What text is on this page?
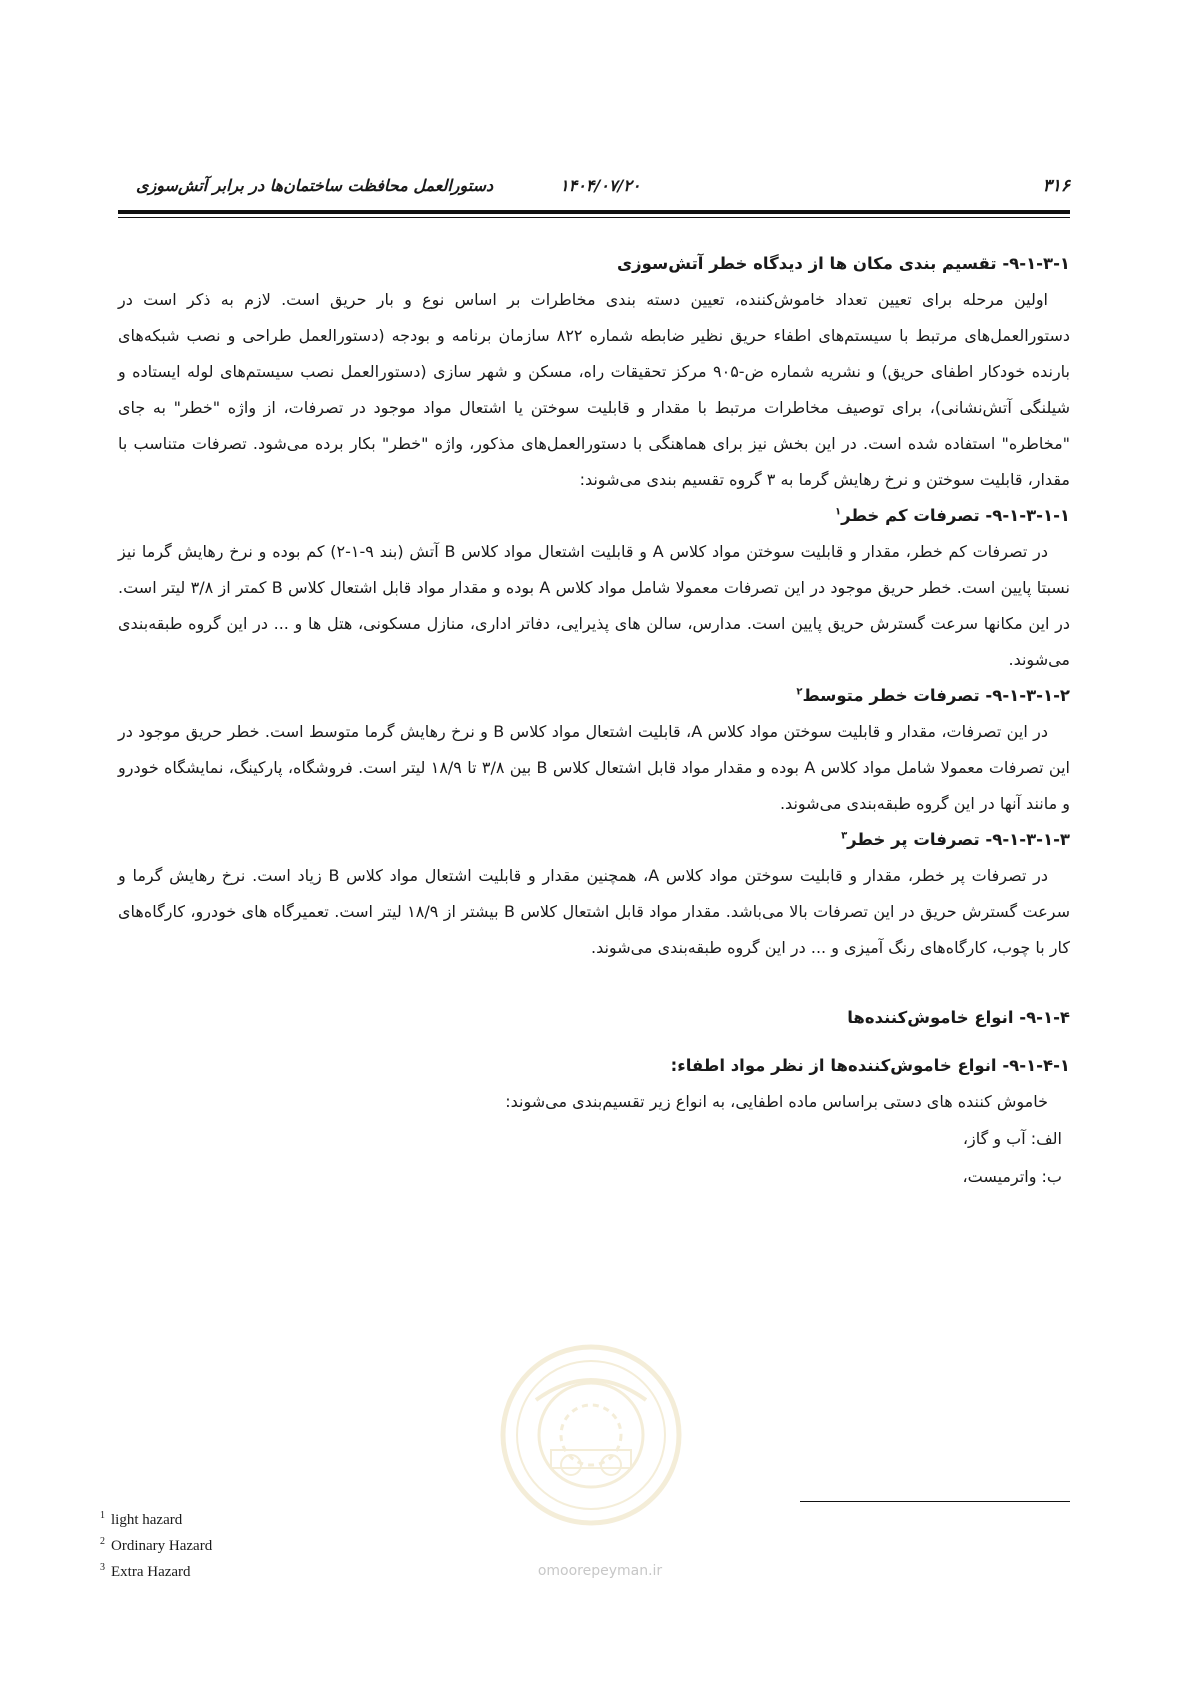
۳۱۶
۱۴۰۴/۰۷/۲۰
دستورالعمل محافظت ساختمان‌ها در برابر آتش‌سوزی

۹-۱-۳-۱- تقسیم بندی مکان ها از دیدگاه خطر آتش‌سوزی

اولین مرحله برای تعیین تعداد خاموش‌کننده، تعیین دسته بندی مخاطرات بر اساس نوع و بار حریق است. لازم به ذکر است در دستورالعمل‌های مرتبط با سیستم‌های اطفاء حریق نظیر ضابطه شماره ۸۲۲ سازمان برنامه و بودجه (دستورالعمل طراحی و نصب شبکه‌های بارنده خودکار اطفای حریق) و نشریه شماره ض-۹۰۵ مرکز تحقیقات راه، مسکن و شهر سازی (دستورالعمل نصب سیستم‌های لوله ایستاده و شیلنگی آتش‌نشانی)، برای توصیف مخاطرات مرتبط با مقدار و قابلیت سوختن یا اشتعال مواد موجود در تصرفات، از واژه "خطر" به جای "مخاطره" استفاده شده است. در این بخش نیز برای هماهنگی با دستورالعمل‌های مذکور، واژه "خطر" بکار برده می‌شود. تصرفات متناسب با مقدار، قابلیت سوختن و نرخ رهایش گرما به ۳ گروه تقسیم بندی می‌شوند:

۹-۱-۳-۱-۱- تصرفات کم خطر$^۱$

در تصرفات کم خطر، مقدار و قابلیت سوختن مواد کلاس A و قابلیت اشتعال مواد کلاس B آتش (بند ۹-۱-۲) کم بوده و نرخ رهایش گرما نیز نسبتا پایین است. خطر حریق موجود در این تصرفات معمولا شامل مواد کلاس A بوده و مقدار مواد قابل اشتعال کلاس B کمتر از ۳/۸ لیتر است. در این مکانها سرعت گسترش حریق پایین است. مدارس، سالن های پذیرایی، دفاتر اداری، منازل مسکونی، هتل ها و ... در این گروه طبقه‌بندی می‌شوند.

۹-۱-۳-۱-۲- تصرفات خطر متوسط$^۲$

در این تصرفات، مقدار و قابلیت سوختن مواد کلاس A، قابلیت اشتعال مواد کلاس B و نرخ رهایش گرما متوسط است. خطر حریق موجود در این تصرفات معمولا شامل مواد کلاس A بوده و مقدار مواد قابل اشتعال کلاس B بین ۳/۸ تا ۱۸/۹ لیتر است. فروشگاه، پارکینگ، نمایشگاه خودرو و مانند آنها در این گروه طبقه‌بندی می‌شوند.

۹-۱-۳-۱-۳- تصرفات پر خطر$^۳$

در تصرفات پر خطر، مقدار و قابلیت سوختن مواد کلاس A، همچنین مقدار و قابلیت اشتعال مواد کلاس B زیاد است. نرخ رهایش گرما و سرعت گسترش حریق در این تصرفات بالا می‌باشد. مقدار مواد قابل اشتعال کلاس B بیشتر از ۱۸/۹ لیتر است. تعمیرگاه های خودرو، کارگاه‌های کار با چوب، کارگاه‌های رنگ آمیزی و ... در این گروه طبقه‌بندی می‌شوند.

۹-۱-۴- انواع خاموش‌کننده‌ها

۹-۱-۴-۱- انواع خاموش‌کننده‌ها از نظر مواد اطفاء:

خاموش کننده های دستی براساس ماده اطفایی، به انواع زیر تقسیم‌بندی می‌شوند:

الف: آب و گاز،

ب: واترمیست،

omoorepeyman.ir
$^1$ light hazard
$^2$ Ordinary Hazard
$^3$ Extra Hazard
